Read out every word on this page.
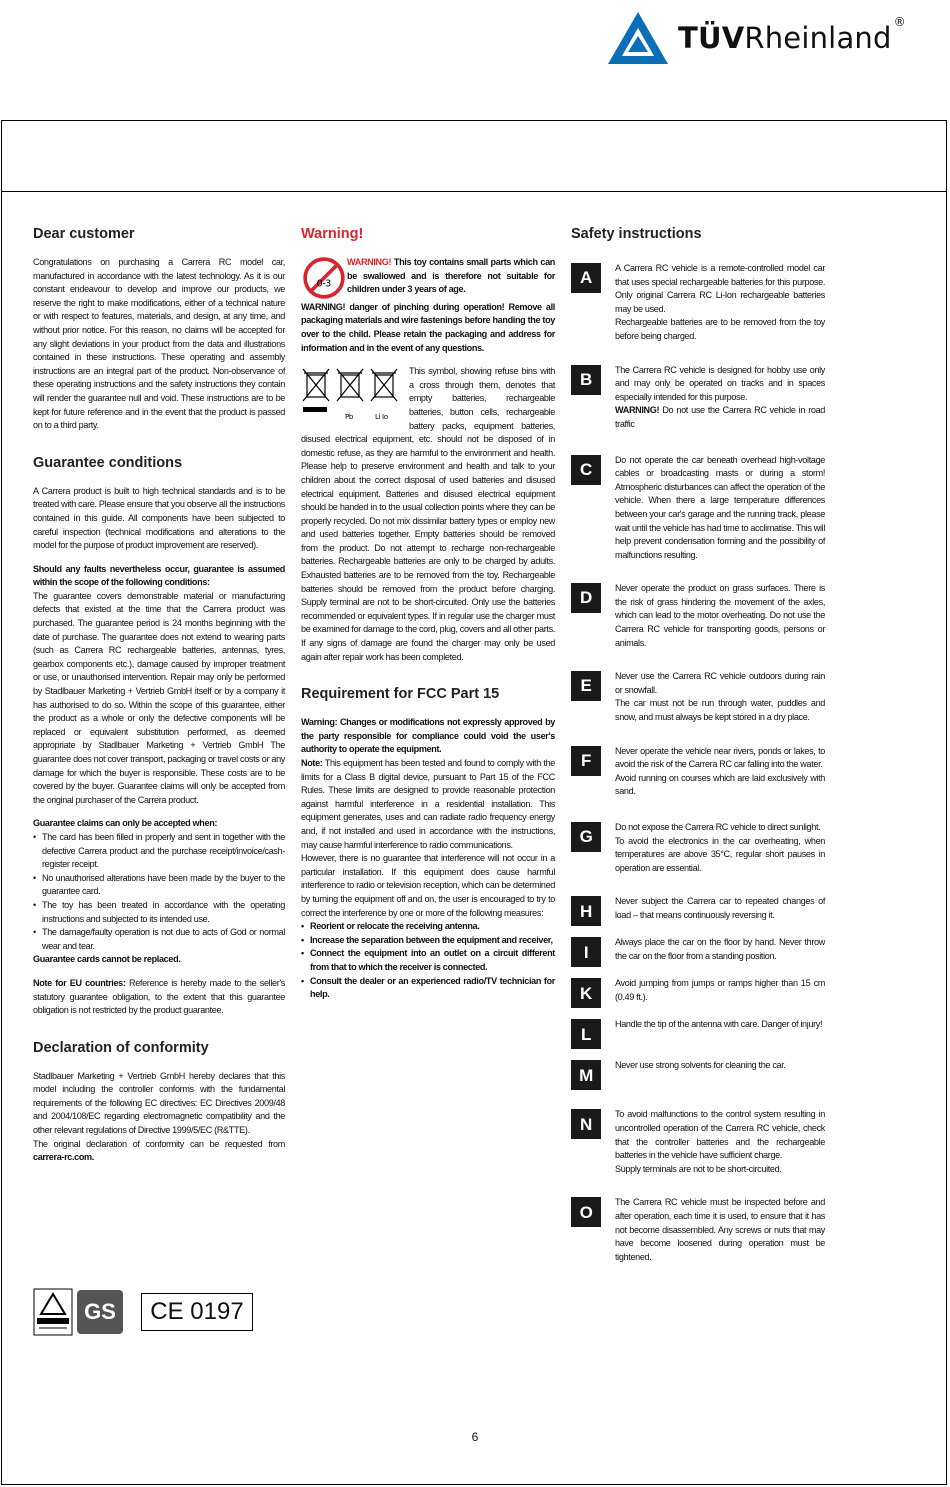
TÜVRheinland ®
Dear customer

Congratulations on purchasing a Carrera RC model car, manufactured in accordance with the latest technology. As it is our constant endeavour to develop and improve our products, we reserve the right to make modifications, either of a technical nature or with respect to features, materials, and design, at any time, and without prior notice. For this reason, no claims will be accepted for any slight deviations in your product from the data and illustrations contained in these instructions. These operating and assembly instructions are an integral part of the product. Non-observance of these operating instructions and the safety instructions they contain will render the guarantee null and void. These instructions are to be kept for future reference and in the event that the product is passed on to a third party.

Guarantee conditions

A Carrera product is built to high technical standards and is to be treated with care. Please ensure that you observe all the instructions contained in this guide. All components have been subjected to careful inspection (technical modifications and alterations to the model for the purpose of product improvement are reserved).

Should any faults nevertheless occur, guarantee is assumed within the scope of the following conditions:

The guarantee covers demonstrable material or manufacturing defects that existed at the time that the Carrera product was purchased. The guarantee period is 24 months beginning with the date of purchase. The guarantee does not extend to wearing parts (such as Carrera RC rechargeable batteries, antennas, tyres, gearbox components etc.), damage caused by improper treatment or use, or unauthorised intervention. Repair may only be performed by Stadlbauer Marketing + Vertrieb GmbH itself or by a company it has authorised to do so. Within the scope of this guarantee, either the product as a whole or only the defective components will be replaced or equivalent substitution performed, as deemed appropriate by Stadlbauer Marketing + Vertrieb GmbH The guarantee does not cover transport, packaging or travel costs or any damage for which the buyer is responsible. These costs are to be covered by the buyer. Guarantee claims will only be accepted from the original purchaser of the Carrera product.

Guarantee claims can only be accepted when:

• The card has been filled in properly and sent in together with the defective Carrera product and the purchase receipt/invoice/cash-register receipt.
• No unauthorised alterations have been made by the buyer to the guarantee card.
• The toy has been treated in accordance with the operating instructions and subjected to its intended use.
• The damage/faulty operation is not due to acts of God or normal wear and tear.

Guarantee cards cannot be replaced.

Note for EU countries: Reference is hereby made to the seller's statutory guarantee obligation, to the extent that this guarantee obligation is not restricted by the product guarantee.

Declaration of conformity

Stadlbauer Marketing + Vertrieb GmbH hereby declares that this model including the controller conforms with the fundamental requirements of the following EC directives: EC Directives 2009/48 and 2004/108/EC regarding electromagnetic compatibility and the other relevant regulations of Directive 1999/5/EC (R&TTE).

The original declaration of conformity can be requested from carrera-rc.com.

GS	CE 0197
Warning!
0-3

WARNING! This toy contains small parts which can be swallowed and is therefore not suitable for children under 3 years of age.

WARNING! danger of pinching during operation! Remove all packaging materials and wire fastenings before handing the toy over to the child. Please retain the packaging and address for information and in the event of any questions.

Pb	Li Io

This symbol, showing refuse bins with a cross through them, denotes that empty batteries, rechargeable batteries, button cells, rechargeable battery packs, equipment batteries, disused electrical equipment, etc. should not be disposed of in domestic refuse, as they are harmful to the environment and health. Please help to preserve environment and health and talk to your children about the correct disposal of used batteries and disused electrical equipment. Batteries and disused electrical equipment should be handed in to the usual collection points where they can be properly recycled. Do not mix dissimilar battery types or employ new and used batteries together. Empty batteries should be removed from the product. Do not attempt to recharge non-rechargeable batteries. Rechargeable batteries are only to be charged by adults. Exhausted batteries are to be removed from the toy. Rechargeable batteries should be removed from the product before charging. Supply terminal are not to be short-circuited. Only use the batteries recommended or equivalent types. If in regular use the charger must be examined for damage to the cord, plug, covers and all other parts. If any signs of damage are found the charger may only be used again after repair work has been completed.

Requirement for FCC Part 15

Warning: Changes or modifications not expressly approved by the party responsible for compliance could void the user's authority to operate the equipment.

Note: This equipment has been tested and found to comply with the limits for a Class B digital device, pursuant to Part 15 of the FCC Rules. These limits are designed to provide reasonable protection against harmful interference in a residential installation. This equipment generates, uses and can radiate radio frequency energy and, if not installed and used in accordance with the instructions, may cause harmful interference to radio communications.

However, there is no guarantee that interference will not occur in a particular installation. If this equipment does cause harmful interference to radio or television reception, which can be determined by turning the equipment off and on, the user is encouraged to try to correct the interference by one or more of the following measures:

• Reorient or relocate the receiving antenna.
• Increase the separation between the equipment and receiver,
• Connect the equipment into an outlet on a circuit different from that to which the receiver is connected.
• Consult the dealer or an experienced radio/TV technician for help.
Safety instructions
A
A Carrera RC vehicle is a remote-controlled model car that uses special rechargeable batteries for this purpose. Only original Carrera RC Li-Ion rechargeable batteries may be used.
Rechargeable batteries are to be removed from the toy before being charged.
B
The Carrera RC vehicle is designed for hobby use only and may only be operated on tracks and in spaces especially intended for this purpose.
WARNING! Do not use the Carrera RC vehicle in road traffic
C
Do not operate the car beneath overhead high-voltage cables or broadcasting masts or during a storm! Atmospheric disturbances can affect the operation of the vehicle. When there a large temperature differences between your car's garage and the running track, please wait until the vehicle has had time to acclimatise. This will help prevent condensation forming and the possibility of malfunctions resulting.
D
Never operate the product on grass surfaces. There is the risk of grass hindering the movement of the axles, which can lead to the motor overheating. Do not use the Carrera RC vehicle for transporting goods, persons or animals.
E
Never use the Carrera RC vehicle outdoors during rain or snowfall.
The car must not be run through water, puddles and snow, and must always be kept stored in a dry place.
F
Never operate the vehicle near rivers, ponds or lakes, to avoid the risk of the Carrera RC car falling into the water.
Avoid running on courses which are laid exclusively with sand.
G
Do not expose the Carrera RC vehicle to direct sunlight.
To avoid the electronics in the car overheating, when temperatures are above 35°C, regular short pauses in operation are essential.
H
Never subject the Carrera car to repeated changes of load – that means continuously reversing it.
I
Always place the car on the floor by hand. Never throw the car on the floor from a standing position.
K
Avoid jumping from jumps or ramps higher than 15 cm (0.49 ft.).
L
Handle the tip of the antenna with care. Danger of injury!
M
Never use strong solvents for cleaning the car.
N
To avoid malfunctions to the control system resulting in uncontrolled operation of the Carrera RC vehicle, check that the controller batteries and the rechargeable batteries in the vehicle have sufficient charge.
Supply terminals are not to be short-circuited.
O
The Carrera RC vehicle must be inspected before and after operation, each time it is used, to ensure that it has not become disassembled. Any screws or nuts that may have become loosened during operation must be tightened.
6
